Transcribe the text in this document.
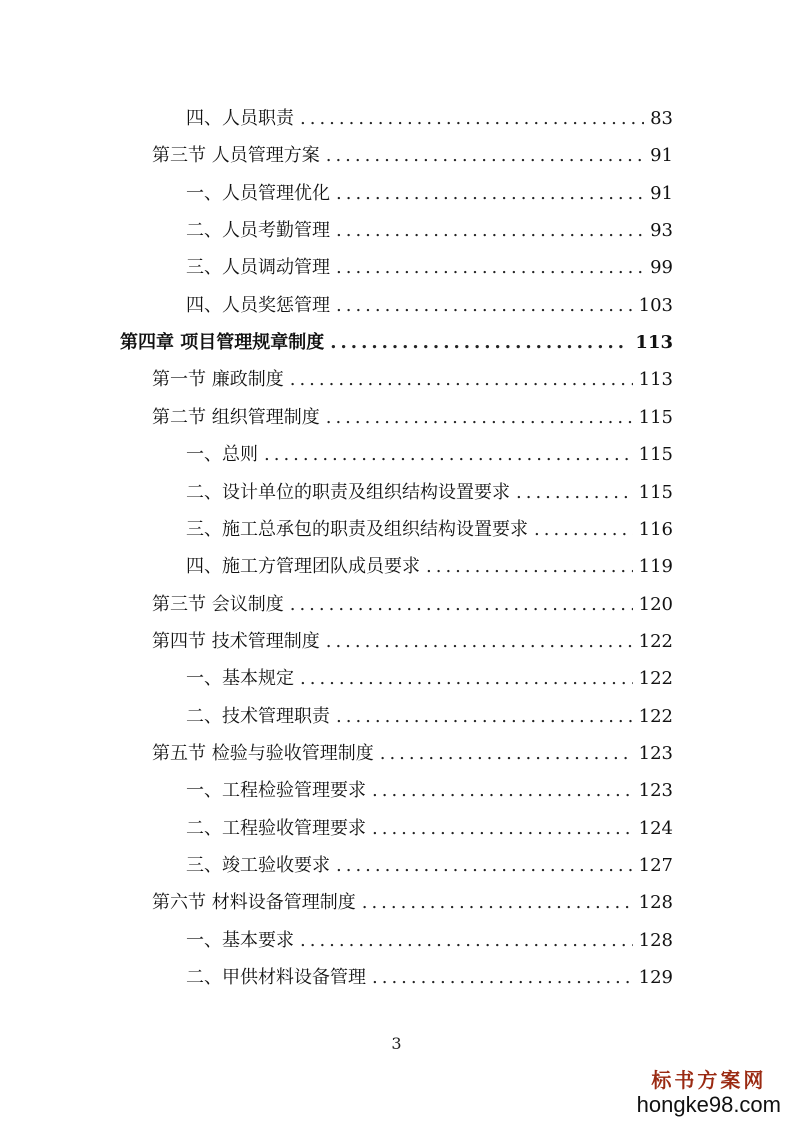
四、人员职责 .....	83
第三节 人员管理方案 .....	91
一、人员管理优化 .....	91
二、人员考勤管理 .....	93
三、人员调动管理 .....	99
四、人员奖惩管理 .....	103
第四章 项目管理规章制度 .....	113
第一节 廉政制度 .....	113
第二节 组织管理制度 .....	115
一、总则 .....	115
二、设计单位的职责及组织结构设置要求 .....	115
三、施工总承包的职责及组织结构设置要求 .....	116
四、施工方管理团队成员要求 .....	119
第三节 会议制度 .....	120
第四节 技术管理制度 .....	122
一、基本规定 .....	122
二、技术管理职责 .....	122
第五节 检验与验收管理制度 .....	123
一、工程检验管理要求 .....	123
二、工程验收管理要求 .....	124
三、竣工验收要求 .....	127
第六节 材料设备管理制度 .....	128
一、基本要求 .....	128
二、甲供材料设备管理 .....	129
3
标书方案网
hongke98.com
